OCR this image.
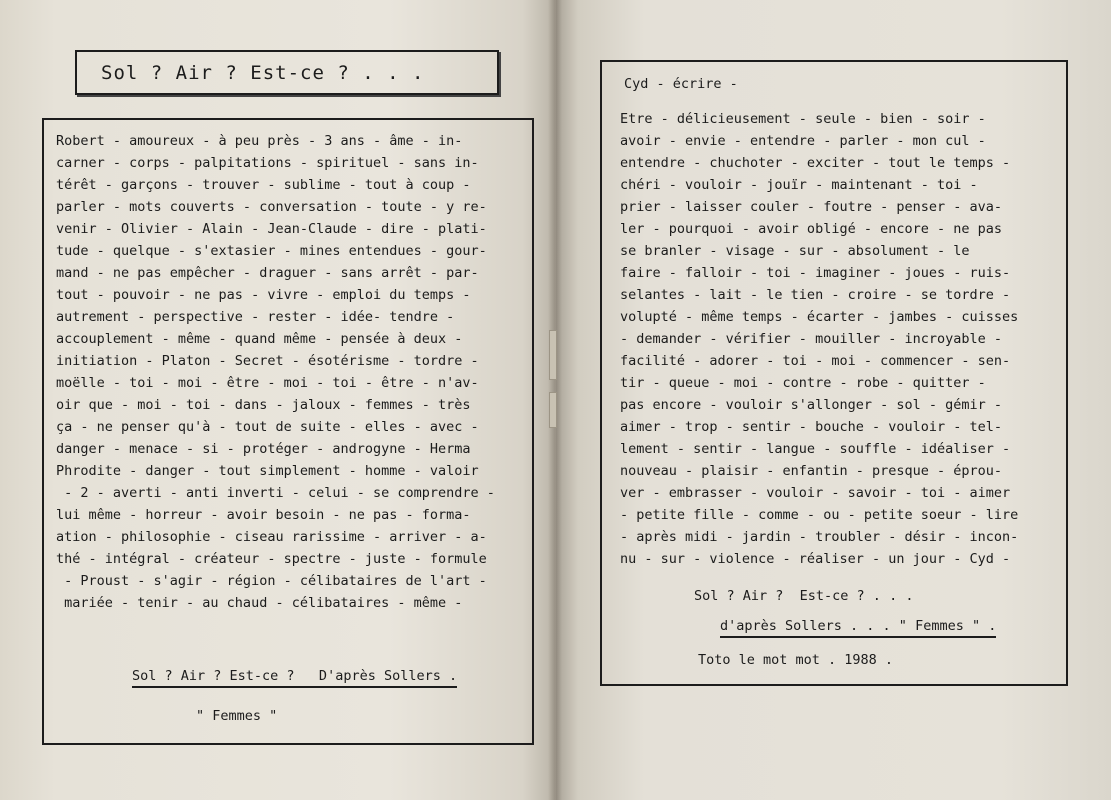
Sol ? Air ? Est-ce ? . . .
Robert - amoureux - à peu près - 3 ans - âme - in-
carner - corps - palpitations - spirituel - sans in-
térêt - garçons - trouver - sublime - tout à coup -
parler - mots couverts - conversation - toute - y re-
venir - Olivier - Alain - Jean-Claude - dire - plati-
tude - quelque - s'extasier - mines entendues - gour-
mand - ne pas empêcher - draguer - sans arrêt - par-
tout - pouvoir - ne pas - vivre - emploi du temps -
autrement - perspective - rester - idée- tendre -
accouplement - même - quand même - pensée à deux -
initiation - Platon - Secret - ésotérisme - tordre -
moëlle - toi - moi - être - moi - toi - être - n'av-
oir que - moi - toi - dans - jaloux - femmes - très
ça - ne penser qu'à - tout de suite - elles - avec -
danger - menace - si - protéger - androgyne - Herma
Phrodite - danger - tout simplement - homme - valoir
- 2 - averti - anti inverti - celui - se comprendre -
lui même - horreur - avoir besoin - ne pas - forma-
ation - philosophie - ciseau rarissime - arriver - a-
thé - intégral - créateur - spectre - juste - formule
- Proust - s'agir - région - célibataires de l'art -
mariée - tenir - au chaud - célibataires - même -
Sol ? Air ? Est-ce ?   D'après Sollers .
" Femmes "
Cyd - écrire -
Etre - délicieusement - seule - bien - soir -
avoir - envie - entendre - parler - mon cul -
entendre - chuchoter - exciter - tout le temps -
chéri - vouloir - jouïr - maintenant - toi -
prier - laisser couler - foutre - penser - ava-
ler - pourquoi - avoir obligé - encore - ne pas
se branler - visage - sur - absolument - le
faire - falloir - toi - imaginer - joues - ruis-
selantes - lait - le tien - croire - se tordre -
volupté - même temps - écarter - jambes - cuisses
- demander - vérifier - mouiller - incroyable -
facilité - adorer - toi - moi - commencer - sen-
tir - queue - moi - contre - robe - quitter -
pas encore - vouloir s'allonger - sol - gémir -
aimer - trop - sentir - bouche - vouloir - tel-
lement - sentir - langue - souffle - idéaliser -
nouveau - plaisir - enfantin - presque - éprou-
ver - embrasser - vouloir - savoir - toi - aimer
- petite fille - comme - ou - petite soeur - lire
- après midi - jardin - troubler - désir - incon-
nu - sur - violence - réaliser - un jour - Cyd -
Sol ? Air ?  Est-ce ? . . .
d'après Sollers . . . " Femmes " .
Toto le mot mot . 1988 .
